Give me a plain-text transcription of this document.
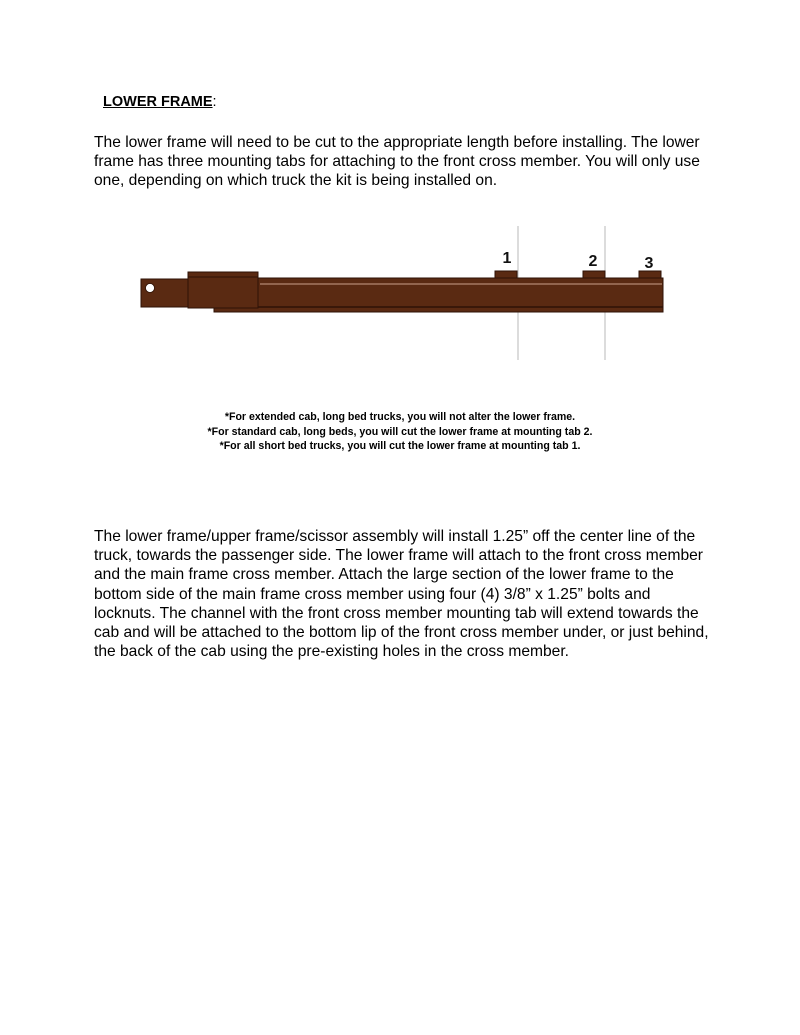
LOWER FRAME:

The lower frame will need to be cut to the appropriate length before installing. The lower frame has three mounting tabs for attaching to the front cross member. You will only use one, depending on which truck the kit is being installed on.

1	2	3
*For extended cab, long bed trucks, you will not alter the lower frame.
*For standard cab, long beds, you will cut the lower frame at mounting tab 2.
*For all short bed trucks, you will cut the lower frame at mounting tab 1.

The lower frame/upper frame/scissor assembly will install 1.25” off the center line of the truck, towards the passenger side. The lower frame will attach to the front cross member and the main frame cross member. Attach the large section of the lower frame to the bottom side of the main frame cross member using four (4) 3/8” x 1.25” bolts and locknuts. The channel with the front cross member mounting tab will extend towards the cab and will be attached to the bottom lip of the front cross member under, or just behind, the back of the cab using the pre-existing holes in the cross member.
